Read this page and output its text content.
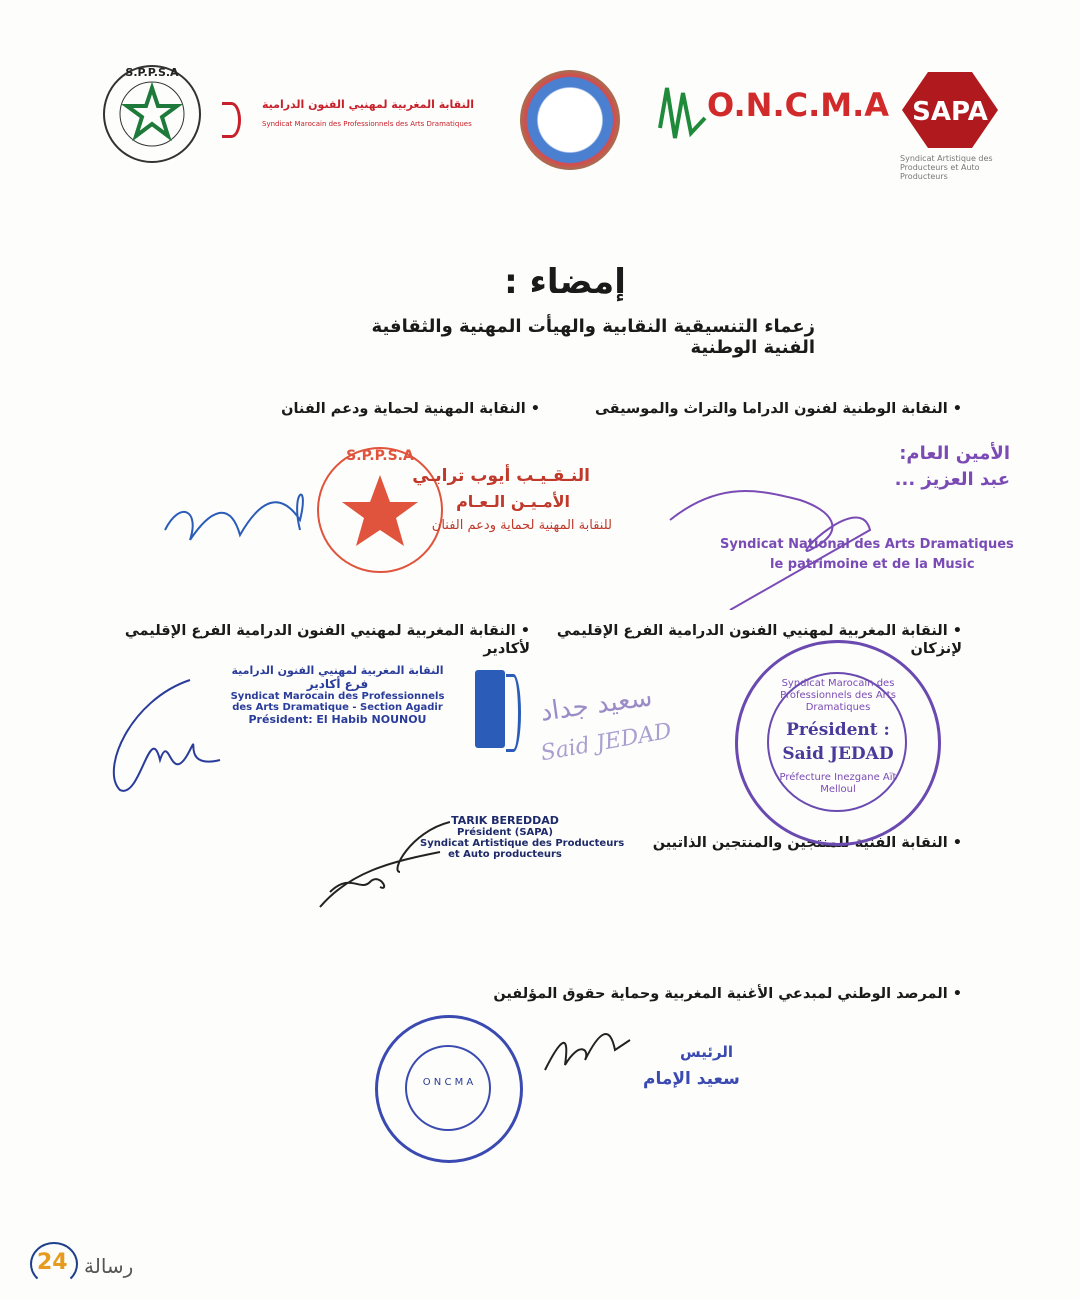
S.P.P.S.A
النقابة المغربية لمهنيي الفنون الدرامية
Syndicat Marocain des Professionnels des Arts Dramatiques	O.N.C.M.A SAPA
Syndicat Artistique des Producteurs et Auto Producteurs
إمضاء :
زعماء التنسيقية النقابية والهيأت المهنية والثقافية الفنية الوطنية
• النقابة الوطنية لفنون الدراما والتراث والموسيقى
• النقابة المهنية لحماية ودعم الفنان
• النقابة المغربية لمهنيي الفنون الدرامية الفرع الإقليمي لإنزكان
• النقابة المغربية لمهنيي الفنون الدرامية الفرع الإقليمي لأكادير
• النقابة الفنية للمنتجين والمنتجين الذاتيين
• المرصد الوطني لمبدعي الأغنية المغربية وحماية حقوق المؤلفين
S.P.P.S.A
النـقـيـب أيوب ترابـي
الأمـيـن الـعـام
للنقابة المهنية لحماية ودعم الفنان
الأمين العام:
عبد العزيز ...
Syndicat National des Arts Dramatiques
le patrimoine et de la Music
النقابة المغربية لمهنيي الفنون الدرامية
فرع أكادير
Syndicat Marocain des Professionnels
des Arts Dramatique - Section Agadir
Président: El Habib NOUNOU	سعيد جداد
Said JEDAD
Syndicat Marocain des Professionnels des Arts Dramatiques
Président :
Said JEDAD
Préfecture Inezgane Aït Melloul
TARIK BEREDDAD
Président (SAPA)
Syndicat Artistique des Producteurs
et Auto producteurs
O N C M A
الرئيس
سعيد الإمام
24 رسالة
